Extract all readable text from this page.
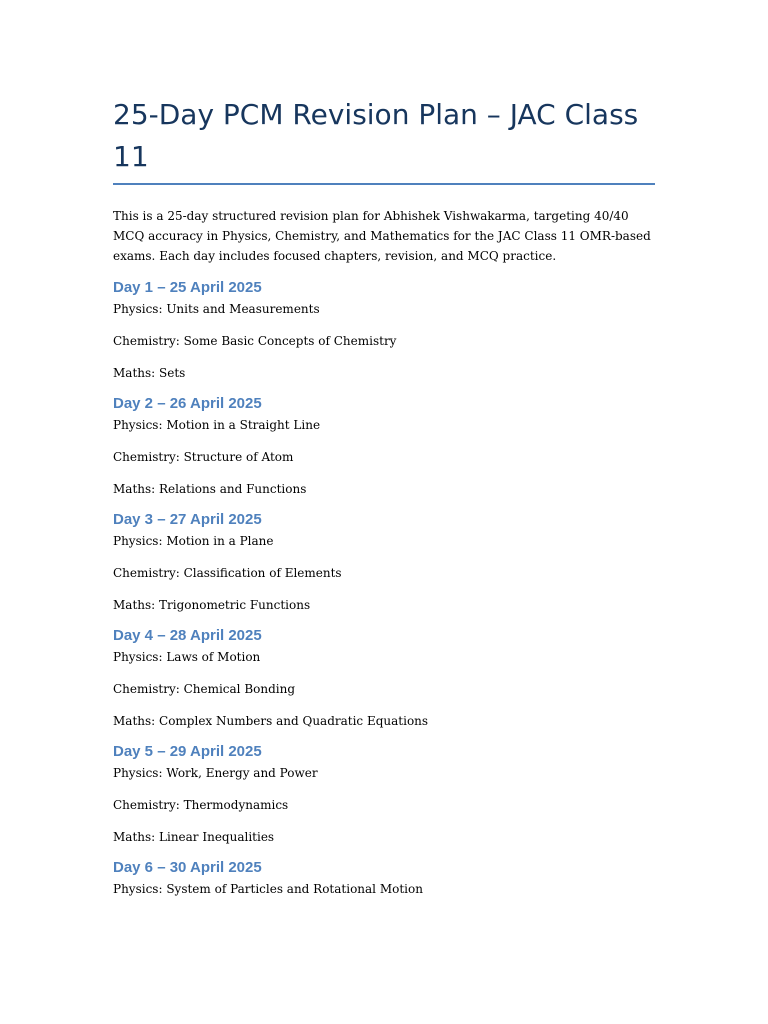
25-Day PCM Revision Plan – JAC Class 11

This is a 25-day structured revision plan for Abhishek Vishwakarma, targeting 40/40 MCQ accuracy in Physics, Chemistry, and Mathematics for the JAC Class 11 OMR-based exams. Each day includes focused chapters, revision, and MCQ practice.

Day 1 – 25 April 2025
Physics: Units and Measurements
Chemistry: Some Basic Concepts of Chemistry
Maths: Sets
Day 2 – 26 April 2025
Physics: Motion in a Straight Line
Chemistry: Structure of Atom
Maths: Relations and Functions
Day 3 – 27 April 2025
Physics: Motion in a Plane
Chemistry: Classification of Elements
Maths: Trigonometric Functions
Day 4 – 28 April 2025
Physics: Laws of Motion
Chemistry: Chemical Bonding
Maths: Complex Numbers and Quadratic Equations
Day 5 – 29 April 2025
Physics: Work, Energy and Power
Chemistry: Thermodynamics
Maths: Linear Inequalities
Day 6 – 30 April 2025
Physics: System of Particles and Rotational Motion
